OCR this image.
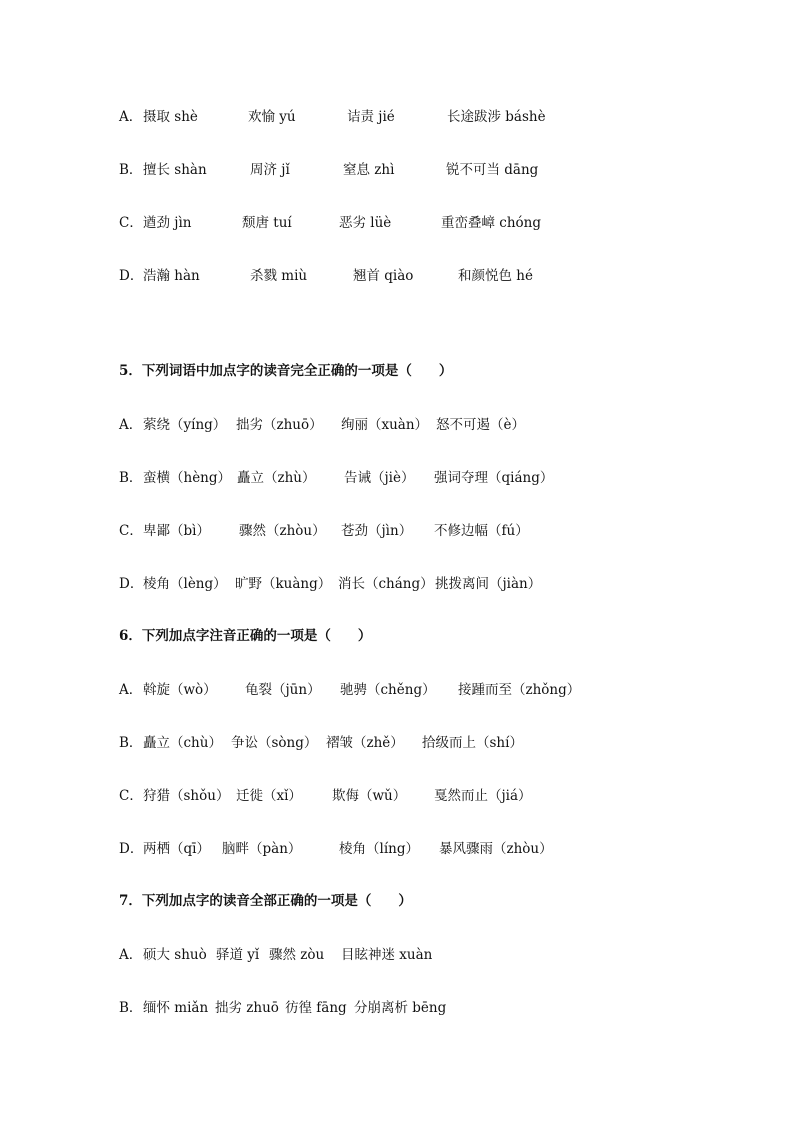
A． 摄取 shè	欢愉 yú	诘责 jié	长途跋涉 báshè
B． 擅长 shàn	周济 jǐ	窒息 zhì	锐不可当 dāng
C． 遒劲 jìn	颓唐 tuí	恶劣 lüè	重峦叠嶂 chóng
D． 浩瀚 hàn	杀戮 miù	翘首 qiào	和颜悦色 hé
5．下列词语中加点字的读音完全正确的一项是（　　）
A． 萦绕（yíng） 拙劣（zhuō） 绚丽（xuàn） 怒不可遏（è）
B． 蛮横（hèng） 矗立（zhù） 告诫（jiè） 强词夺理（qiáng）
C． 卑鄙（bì） 骤然（zhòu） 苍劲（jìn） 不修边幅（fú）
D． 棱角（lèng） 旷野（kuàng） 消长（cháng） 挑拨离间（jiàn）
6．下列加点字注音正确的一项是（　　）
A． 斡旋（wò） 龟裂（jūn） 驰骋（chěng） 接踵而至（zhǒng）
B． 矗立（chù） 争讼（sòng） 褶皱（zhě） 拾级而上（shí）
C． 狩猎（shǒu） 迁徙（xǐ） 欺侮（wǔ） 戛然而止（jiá）
D． 两栖（qī） 脑畔（pàn）	棱角（líng） 暴风骤雨（zhòu）
7．下列加点字的读音全部正确的一项是（　　）
A． 硕大 shuò 驿道 yǐ 骤然 zòu 目眩神迷 xuàn
B． 缅怀 miǎn 拙劣 zhuō 彷徨 fāng 分崩离析 bēng
